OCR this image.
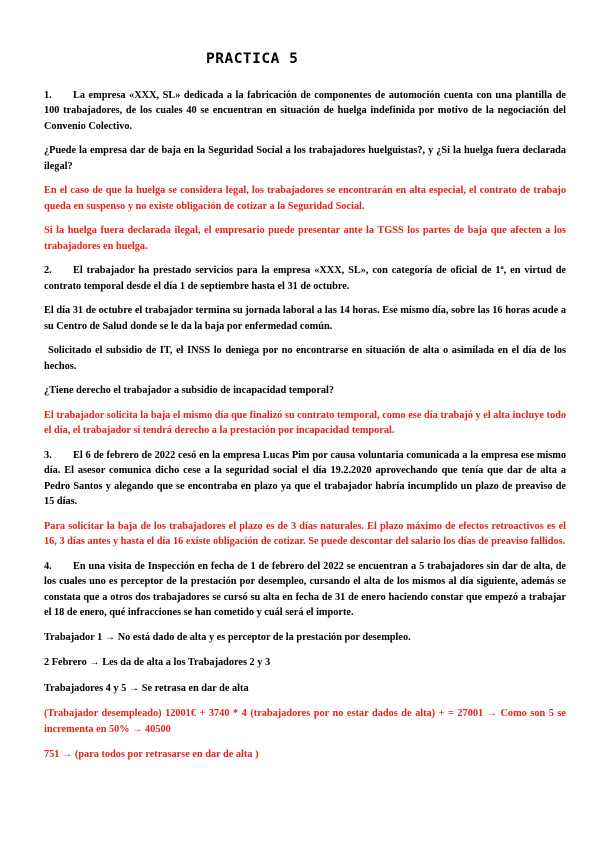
PRACTICA 5

1. La empresa «XXX, SL» dedicada a la fabricación de componentes de automoción cuenta con una plantilla de 100 trabajadores, de los cuales 40 se encuentran en situación de huelga indefinida por motivo de la negociación del Convenio Colectivo.

¿Puede la empresa dar de baja en la Seguridad Social a los trabajadores huelguistas?, y ¿Si la huelga fuera declarada ilegal?

En el caso de que la huelga se considera legal, los trabajadores se encontrarán en alta especial, el contrato de trabajo queda en suspenso y no existe obligación de cotizar a la Seguridad Social.

Si la huelga fuera declarada ilegal, el empresario puede presentar ante la TGSS los partes de baja que afecten a los trabajadores en huelga.

2. El trabajador ha prestado servicios para la empresa «XXX, SL», con categoría de oficial de 1ª, en virtud de contrato temporal desde el día 1 de septiembre hasta el 31 de octubre.

El día 31 de octubre el trabajador termina su jornada laboral a las 14 horas. Ese mismo día, sobre las 16 horas acude a su Centro de Salud donde se le da la baja por enfermedad común.

Solicitado el subsidio de IT, el INSS lo deniega por no encontrarse en situación de alta o asimilada en el día de los hechos.

¿Tiene derecho el trabajador a subsidio de incapacidad temporal?

El trabajador solicita la baja el mismo día que finalizó su contrato temporal, como ese día trabajó y el alta incluye todo el día, el trabajador sí tendrá derecho a la prestación por incapacidad temporal.

3. El 6 de febrero de 2022 cesó en la empresa Lucas Pim por causa voluntaria comunicada a la empresa ese mismo día. El asesor comunica dicho cese a la seguridad social el día 19.2.2020 aprovechando que tenía que dar de alta a Pedro Santos y alegando que se encontraba en plazo ya que el trabajador habría incumplido un plazo de preaviso de 15 días.

Para solicitar la baja de los trabajadores el plazo es de 3 días naturales. El plazo máximo de efectos retroactivos es el 16, 3 días antes y hasta el día 16 existe obligación de cotizar. Se puede descontar del salario los días de preaviso fallidos.

4. En una visita de Inspección en fecha de 1 de febrero del 2022 se encuentran a 5 trabajadores sin dar de alta, de los cuales uno es perceptor de la prestación por desempleo, cursando el alta de los mismos al día siguiente, además se constata que a otros dos trabajadores se cursó su alta en fecha de 31 de enero haciendo constar que empezó a trabajar el 18 de enero, qué infracciones se han cometido y cuál será el importe.

Trabajador 1 → No está dado de alta y es perceptor de la prestación por desempleo.

2 Febrero → Les da de alta a los Trabajadores 2 y 3

Trabajadores 4 y 5 → Se retrasa en dar de alta

(Trabajador desempleado) 12001€ + 3740 * 4 (trabajadores por no estar dados de alta) + = 27001 → Como son 5 se incrementa en 50% → 40500

751 → (para todos por retrasarse en dar de alta )
